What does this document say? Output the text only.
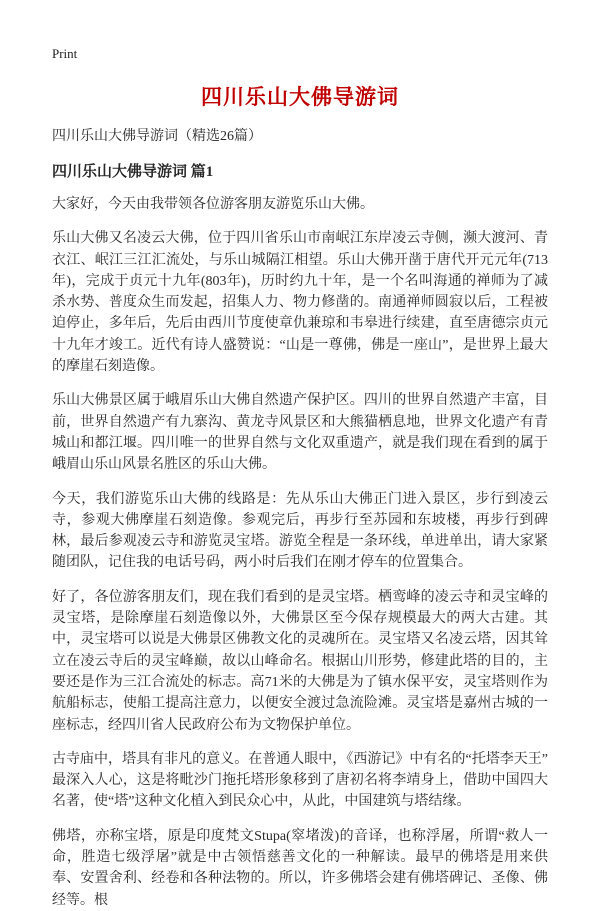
Print
四川乐山大佛导游词
四川乐山大佛导游词（精选26篇）
四川乐山大佛导游词 篇1

大家好，今天由我带领各位游客朋友游览乐山大佛。

乐山大佛又名凌云大佛，位于四川省乐山市南岷江东岸凌云寺侧，濒大渡河、青衣江、岷江三江汇流处，与乐山城隔江相望。乐山大佛开凿于唐代开元元年(713年)，完成于贞元十九年(803年)，历时约九十年，是一个名叫海通的禅师为了减杀水势、普度众生而发起，招集人力、物力修凿的。南通禅师圆寂以后，工程被迫停止，多年后，先后由西川节度使章仇兼琼和韦皋进行续建，直至唐德宗贞元十九年才竣工。近代有诗人盛赞说：“山是一尊佛，佛是一座山”，是世界上最大的摩崖石刻造像。

乐山大佛景区属于峨眉乐山大佛自然遗产保护区。四川的世界自然遗产丰富，目前，世界自然遗产有九寨沟、黄龙寺风景区和大熊猫栖息地，世界文化遗产有青城山和都江堰。四川唯一的世界自然与文化双重遗产，就是我们现在看到的属于峨眉山乐山风景名胜区的乐山大佛。

今天，我们游览乐山大佛的线路是：先从乐山大佛正门进入景区，步行到凌云寺，参观大佛摩崖石刻造像。参观完后，再步行至苏园和东坡楼，再步行到碑林，最后参观凌云寺和游览灵宝塔。游览全程是一条环线，单进单出，请大家紧随团队，记住我的电话号码，两小时后我们在刚才停车的位置集合。

好了，各位游客朋友们，现在我们看到的是灵宝塔。栖鸾峰的凌云寺和灵宝峰的灵宝塔，是除摩崖石刻造像以外，大佛景区至今保存规模最大的两大古建。其中，灵宝塔可以说是大佛景区佛教文化的灵魂所在。灵宝塔又名凌云塔，因其耸立在凌云寺后的灵宝峰巅，故以山峰命名。根据山川形势，修建此塔的目的，主要还是作为三江合流处的标志。高71米的大佛是为了镇水保平安，灵宝塔则作为航船标志，使船工提高注意力，以便安全渡过急流险滩。灵宝塔是嘉州古城的一座标志，经四川省人民政府公布为文物保护单位。

古寺庙中，塔具有非凡的意义。在普通人眼中，《西游记》中有名的“托塔李天王”最深入人心，这是将毗沙门拖托塔形象移到了唐初名将李靖身上，借助中国四大名著，使“塔”这种文化植入到民众心中，从此，中国建筑与塔结缘。

佛塔，亦称宝塔，原是印度梵文Stupa(窣堵泼)的音译，也称浮屠，所谓“救人一命，胜造七级浮屠”就是中古领悟慈善文化的一种解读。最早的佛塔是用来供奉、安置舍利、经卷和各种法物的。所以，许多佛塔会建有佛塔碑记、圣像、佛经等。根
